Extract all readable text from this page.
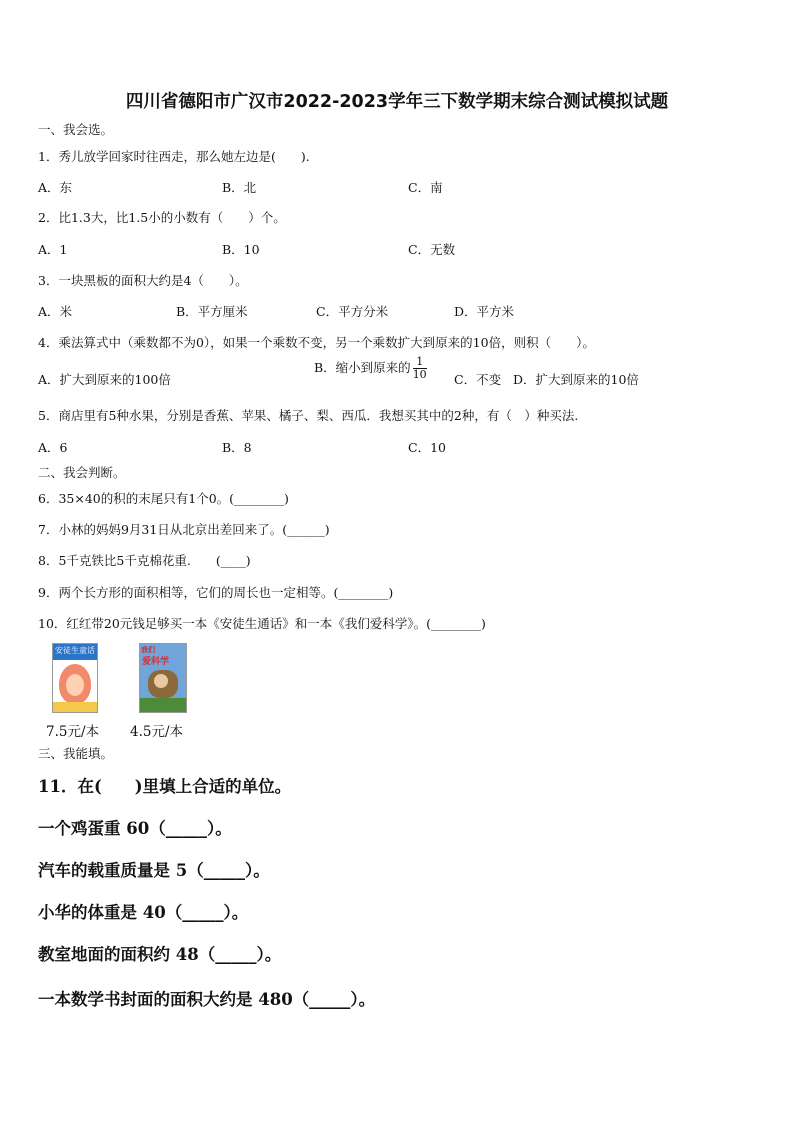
四川省德阳市广汉市2022-2023学年三下数学期末综合测试模拟试题
一、我会选。
1．秀儿放学回家时往西走，那么她左边是(　　).
A．东	B．北	C．南
2．比1.3大，比1.5小的小数有（　　）个。
A．1	B．10	C．无数
3．一块黑板的面积大约是4（　　）。
A．米	B．平方厘米	C．平方分米	D．平方米
4．乘法算式中（乘数都不为0），如果一个乘数不变，另一个乘数扩大到原来的10倍，则积（　　）。
A．扩大到原来的100倍
B．缩小到原来的 $\frac{1}{10}$ C．不变 D．扩大到原来的10倍
5．商店里有5种水果，分别是香蕉、苹果、橘子、梨、西瓜．我想买其中的2种，有（　）种买法.
A．6	B．8	C．10
二、我会判断。
6．35×40的积的末尾只有1个0。(________)
7．小林的妈妈9月31日从北京出差回来了。(______)
8．5千克铁比5千克棉花重.　　(____)
9．两个长方形的面积相等，它们的周长也一定相等。(________)
10．红红带20元钱足够买一本《安徒生通话》和一本《我们爱科学》。(________)
安徒生童话	我们
爱科学
7.5元/本 4.5元/本
三、我能填。
11．在(　　)里填上合适的单位。
一个鸡蛋重 60（_____）。
汽车的载重质量是 5（_____）。
小华的体重是 40（_____）。
教室地面的面积约 48（_____）。
一本数学书封面的面积大约是 480（_____）。
